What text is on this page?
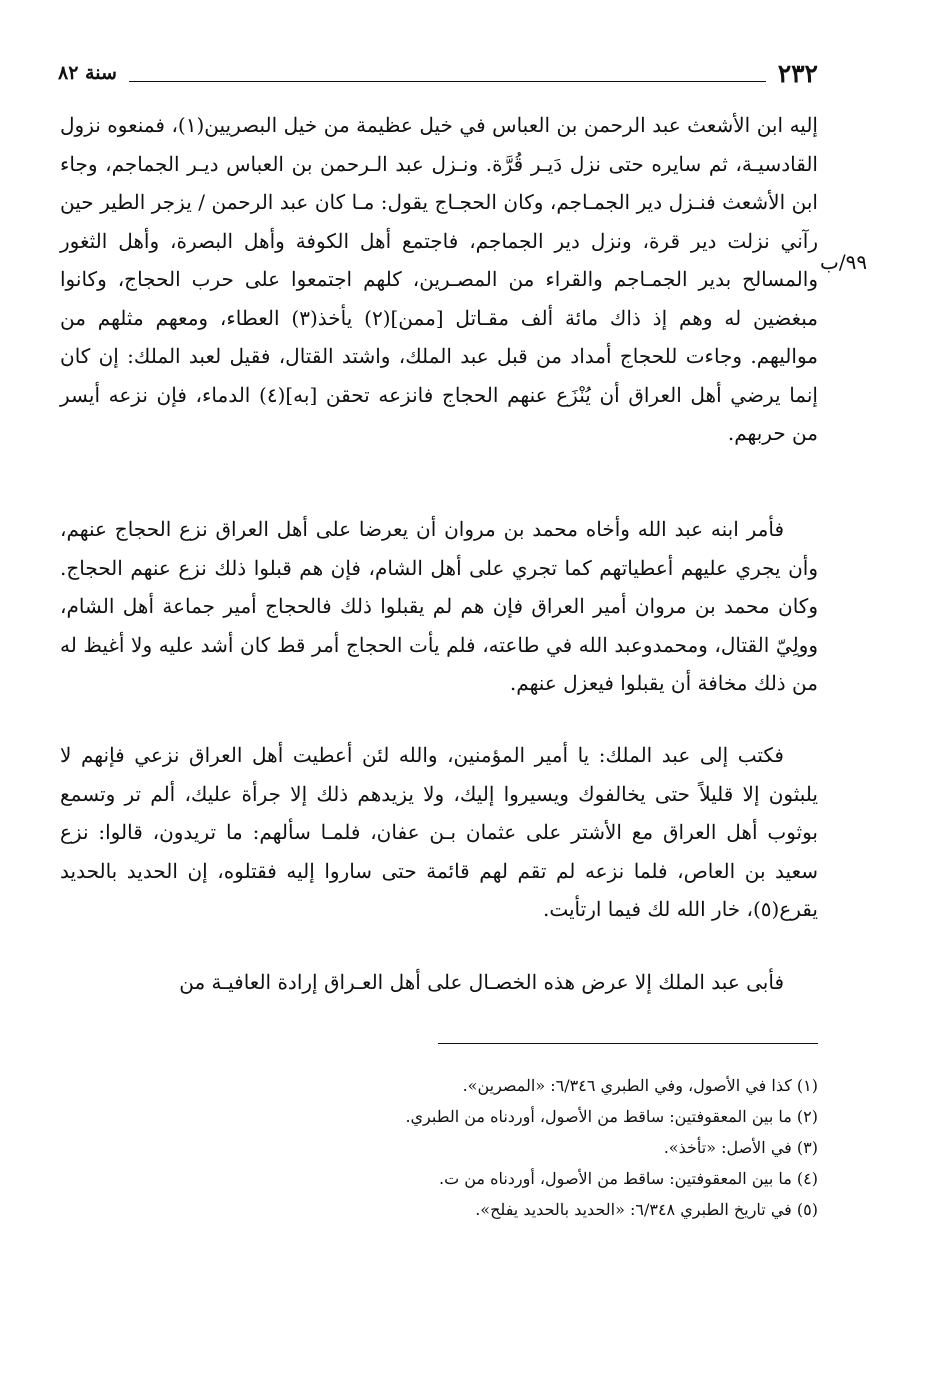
٢٣٢
سنة ٨٢
٩٩/ب

إليه ابن الأشعث عبد الرحمن بن العباس في خيل عظيمة من خيل البصريين(١)، فمنعوه نزول القادسيـة، ثم سايره حتى نزل دَيـر قُرَّة. ونـزل عبد الـرحمن بن العباس ديـر الجماجم، وجاء ابن الأشعث فنـزل دير الجمـاجم، وكان الحجـاج يقول: مـا كان عبد الرحمن / يزجر الطير حين رآني نزلت دير قرة، ونزل دير الجماجم، فاجتمع أهل الكوفة وأهل البصرة، وأهل الثغور والمسالح بدير الجمـاجم والقراء من المصـرين، كلهم اجتمعوا على حرب الحجاج، وكانوا مبغضين له وهم إذ ذاك مائة ألف مقـاتل [ممن](٢) يأخذ(٣) العطاء، ومعهم مثلهم من مواليهم. وجاءت للحجاج أمداد من قبل عبد الملك، واشتد القتال، فقيل لعبد الملك: إن كان إنما يرضي أهل العراق أن يُنْزَع عنهم الحجاج فانزعه تحقن [به](٤) الدماء، فإن نزعه أيسر من حربهم.

فأمر ابنه عبد الله وأخاه محمد بن مروان أن يعرضا على أهل العراق نزع الحجاج عنهم، وأن يجري عليهم أعطياتهم كما تجري على أهل الشام، فإن هم قبلوا ذلك نزع عنهم الحجاج. وكان محمد بن مروان أمير العراق فإن هم لم يقبلوا ذلك فالحجاج أمير جماعة أهل الشام، وولِيّ القتال، ومحمدوعبد الله في طاعته، فلم يأت الحجاج أمر قط كان أشد عليه ولا أغيظ له من ذلك مخافة أن يقبلوا فيعزل عنهم.

فكتب إلى عبد الملك: يا أمير المؤمنين، والله لئن أعطيت أهل العراق نزعي فإنهم لا يلبثون إلا قليلاً حتى يخالفوك ويسيروا إليك، ولا يزيدهم ذلك إلا جرأة عليك، ألم تر وتسمع بوثوب أهل العراق مع الأشتر على عثمان بـن عفان، فلمـا سألهم: ما تريدون، قالوا: نزع سعيد بن العاص، فلما نزعه لم تقم لهم قائمة حتى ساروا إليه فقتلوه، إن الحديد بالحديد يقرع(٥)، خار الله لك فيما ارتأيت.

فأبى عبد الملك إلا عرض هذه الخصـال على أهل العـراق إرادة العافيـة من

(١) كذا في الأصول، وفي الطبري ٦/٣٤٦: «المصرين».
(٢) ما بين المعقوفتين: ساقط من الأصول، أوردناه من الطبري.
(٣) في الأصل: «تأخذ».
(٤) ما بين المعقوفتين: ساقط من الأصول، أوردناه من ت.
(٥) في تاريخ الطبري ٦/٣٤٨: «الحديد بالحديد يفلح».
